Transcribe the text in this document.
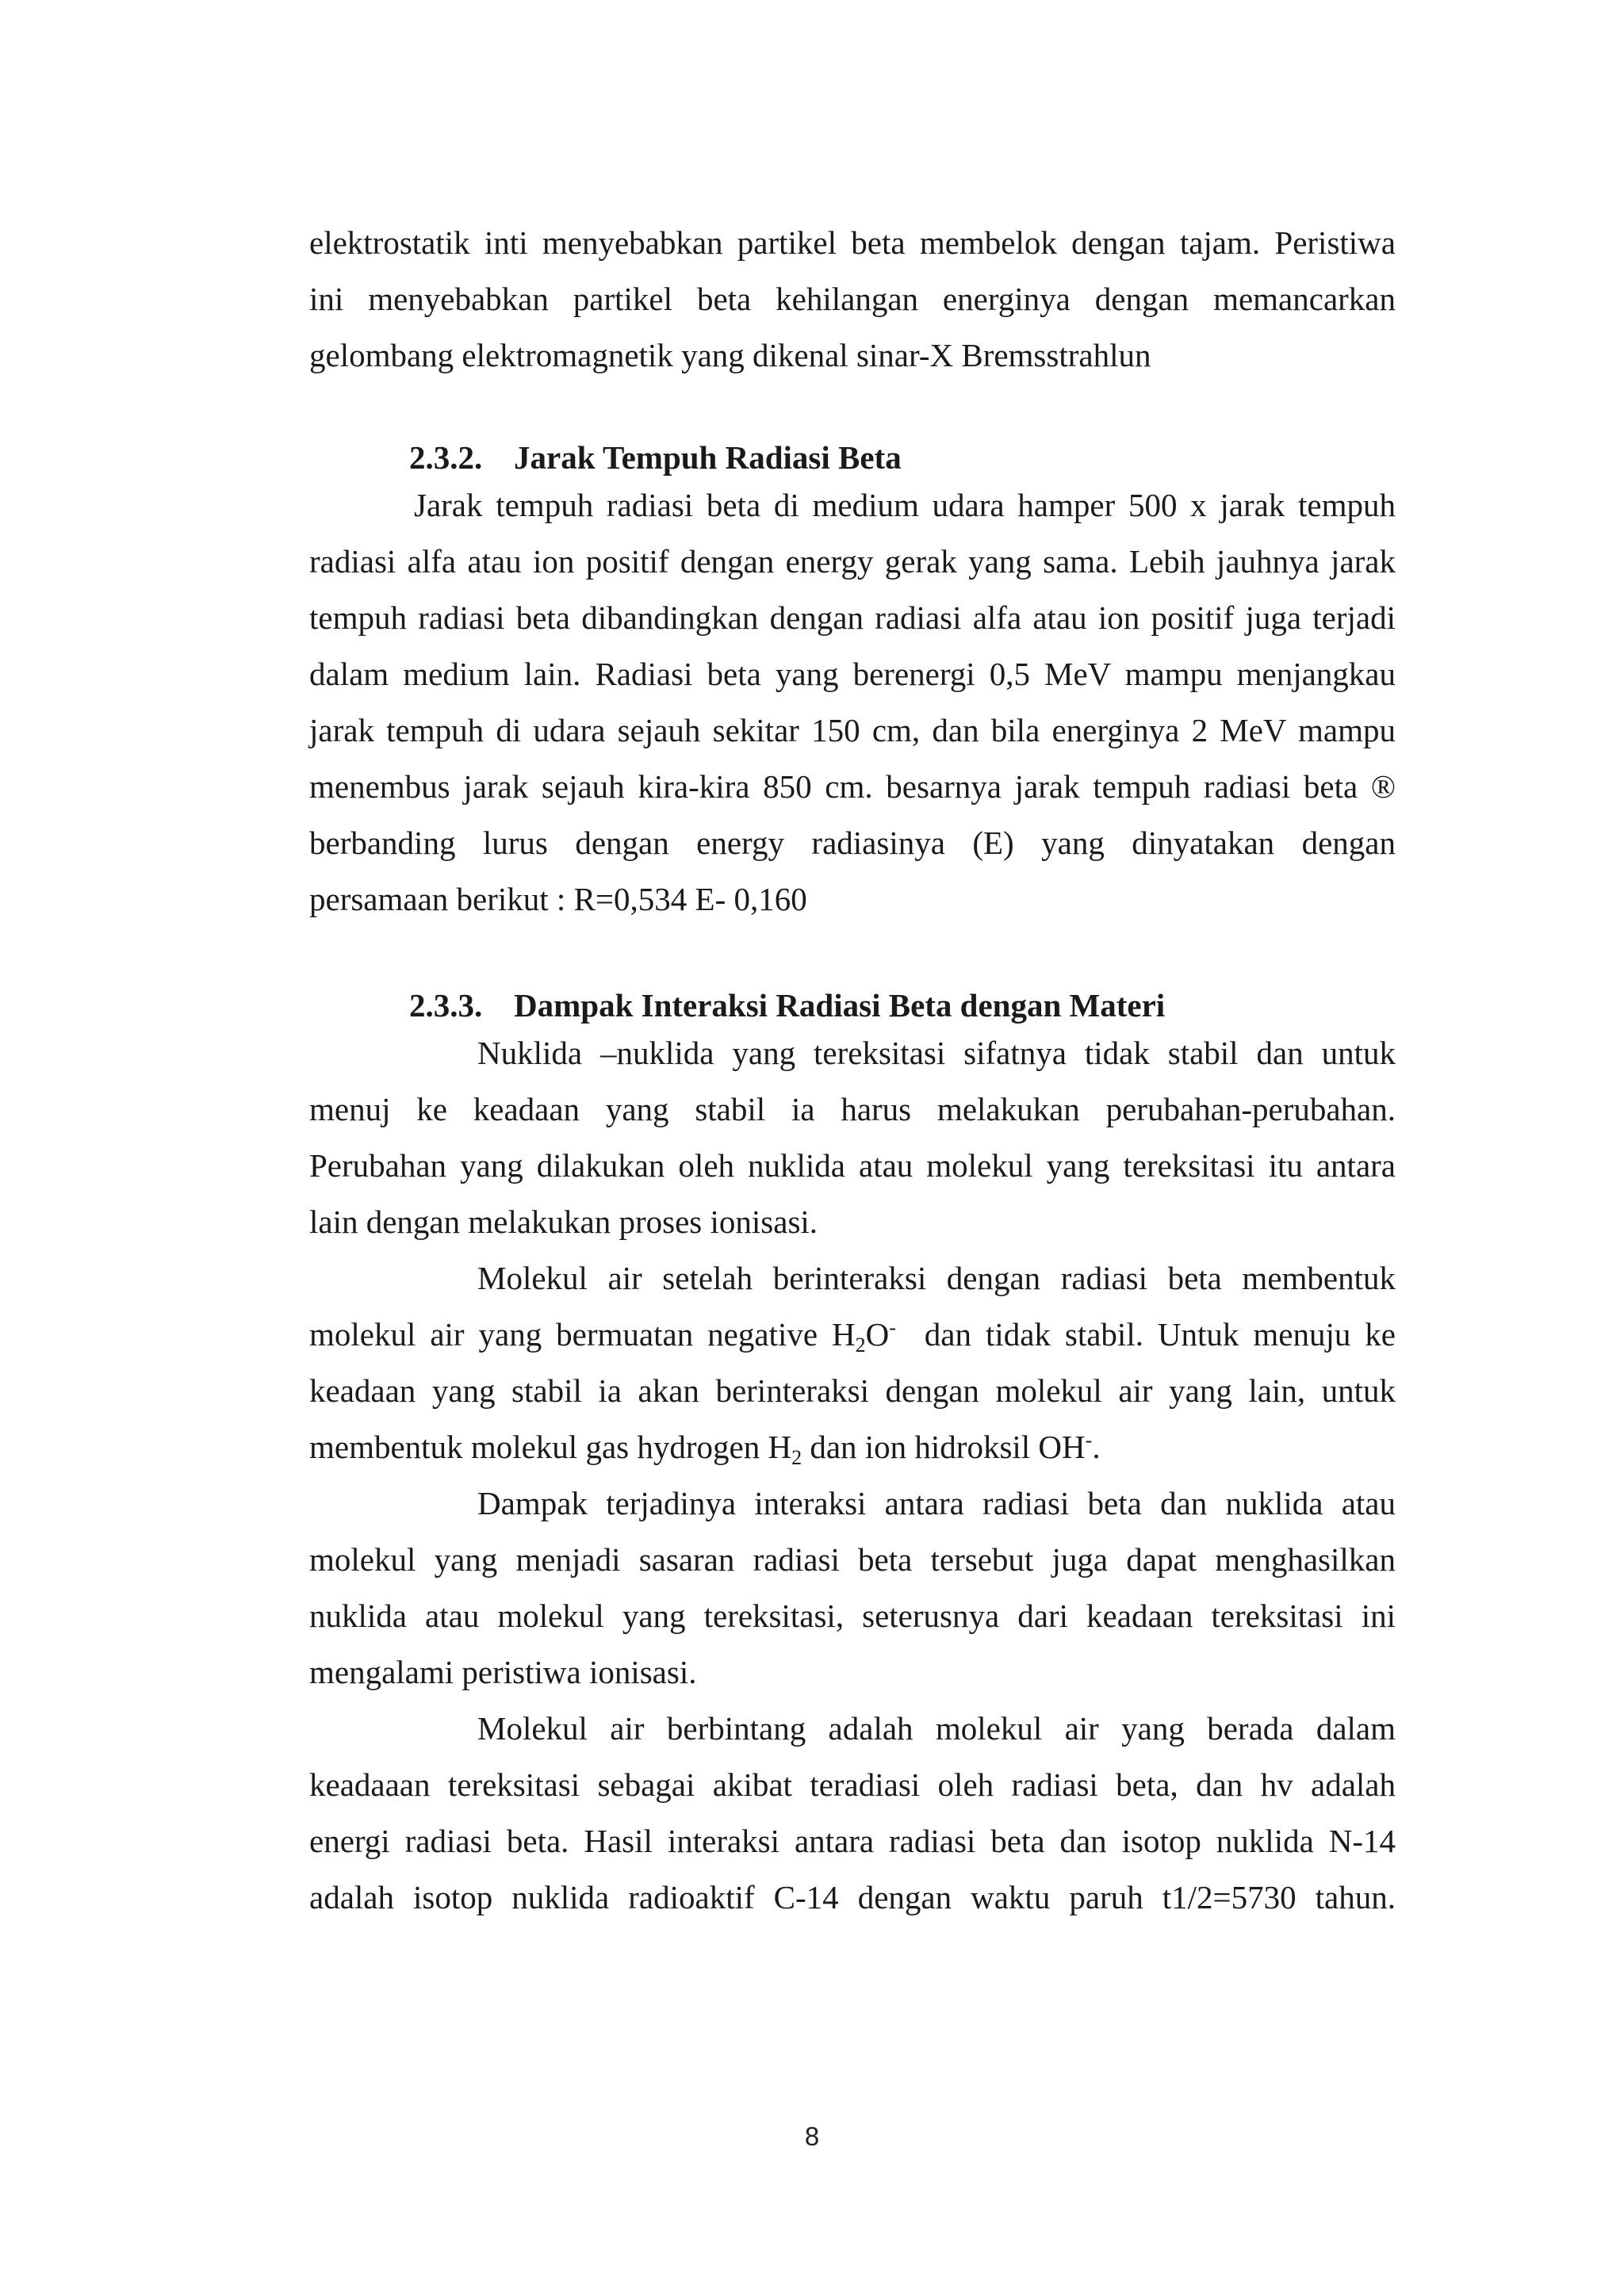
elektrostatik inti menyebabkan partikel beta membelok dengan tajam. Peristiwa
ini menyebabkan partikel beta kehilangan energinya dengan memancarkan
gelombang elektromagnetik yang dikenal sinar-X Bremsstrahlun
2.3.2. Jarak Tempuh Radiasi Beta
Jarak tempuh radiasi beta di medium udara hamper 500 x jarak tempuh
radiasi alfa atau ion positif dengan energy gerak yang sama. Lebih jauhnya jarak
tempuh radiasi beta dibandingkan dengan radiasi alfa atau ion positif juga terjadi
dalam medium lain. Radiasi beta yang berenergi 0,5 MeV mampu menjangkau
jarak tempuh di udara sejauh sekitar 150 cm, dan bila energinya 2 MeV mampu
menembus jarak sejauh kira-kira 850 cm. besarnya jarak tempuh radiasi beta ®
berbanding lurus dengan energy radiasinya (E) yang dinyatakan dengan
persamaan berikut : R=0,534 E- 0,160
2.3.3. Dampak Interaksi Radiasi Beta dengan Materi
Nuklida –nuklida yang tereksitasi sifatnya tidak stabil dan untuk
menuj ke keadaan yang stabil ia harus melakukan perubahan-perubahan.
Perubahan yang dilakukan oleh nuklida atau molekul yang tereksitasi itu antara
lain dengan melakukan proses ionisasi.
Molekul air setelah berinteraksi dengan radiasi beta membentuk
molekul air yang bermuatan negative $H_2O^-$  dan tidak stabil. Untuk menuju ke
keadaan yang stabil ia akan berinteraksi dengan molekul air yang lain, untuk
membentuk molekul gas hydrogen $H_2$ dan ion hidroksil OH-.
Dampak terjadinya interaksi antara radiasi beta dan nuklida atau
molekul yang menjadi sasaran radiasi beta tersebut juga dapat menghasilkan
nuklida atau molekul yang tereksitasi, seterusnya dari keadaan tereksitasi ini
mengalami peristiwa ionisasi.
Molekul air berbintang adalah molekul air yang berada dalam
keadaaan tereksitasi sebagai akibat teradiasi oleh radiasi beta, dan hv adalah
energi radiasi beta. Hasil interaksi antara radiasi beta dan isotop nuklida N-14
adalah isotop nuklida radioaktif C-14 dengan waktu paruh t1/2=5730 tahun.
8
